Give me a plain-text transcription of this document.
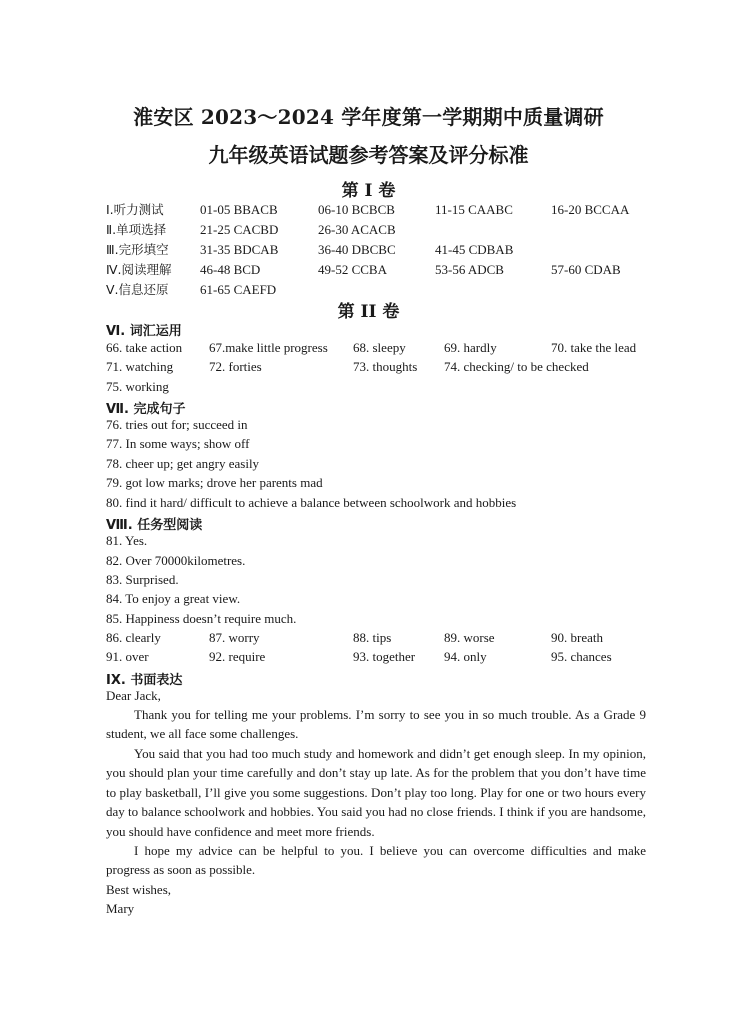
淮安区 2023～2024 学年度第一学期期中质量调研
九年级英语试题参考答案及评分标准
第 I 卷
Ⅰ.听力测试	01-05 BBACB	06-10 BCBCB	11-15 CAABC	16-20 BCCAA
Ⅱ.单项选择	21-25 CACBD	26-30 ACACB
Ⅲ.完形填空 31-35 BDCAB	36-40 DBCBC	41-45 CDBAB
Ⅳ.阅读理解 46-48 BCD	49-52 CCBA	53-56 ADCB	57-60 CDAB
Ⅴ.信息还原 61-65 CAEFD
第 II 卷
Ⅵ. 词汇运用
66. take action 67.make little progress 68. sleepy	69. hardly	70. take the lead
71. watching	72. forties	73. thoughts 74. checking/ to be checked
75. working
Ⅶ. 完成句子
76. tries out for; succeed in
77. In some ways; show off
78. cheer up; get angry easily
79. got low marks; drove her parents mad
80. find it hard/ difficult to achieve a balance between schoolwork and hobbies
Ⅷ. 任务型阅读
81. Yes.
82. Over 70000kilometres.
83. Surprised.
84. To enjoy a great view.
85. Happiness doesn’t require much.
86. clearly	87. worry	88. tips	89. worse	90. breath
91. over	92. require	93. together 94. only	95. chances
IX. 书面表达
Dear Jack,
Thank you for telling me your problems. I’m sorry to see you in so much trouble. As a Grade 9 student, we all face some challenges.
You said that you had too much study and homework and didn’t get enough sleep. In my opinion, you should plan your time carefully and don’t stay up late. As for the problem that you don’t have time to play basketball, I’ll give you some suggestions. Don’t play too long. Play for one or two hours every day to balance schoolwork and hobbies. You said you had no close friends. I think if you are handsome, you should have confidence and meet more friends.
I hope my advice can be helpful to you. I believe you can overcome difficulties and make progress as soon as possible.
Best wishes,
Mary
